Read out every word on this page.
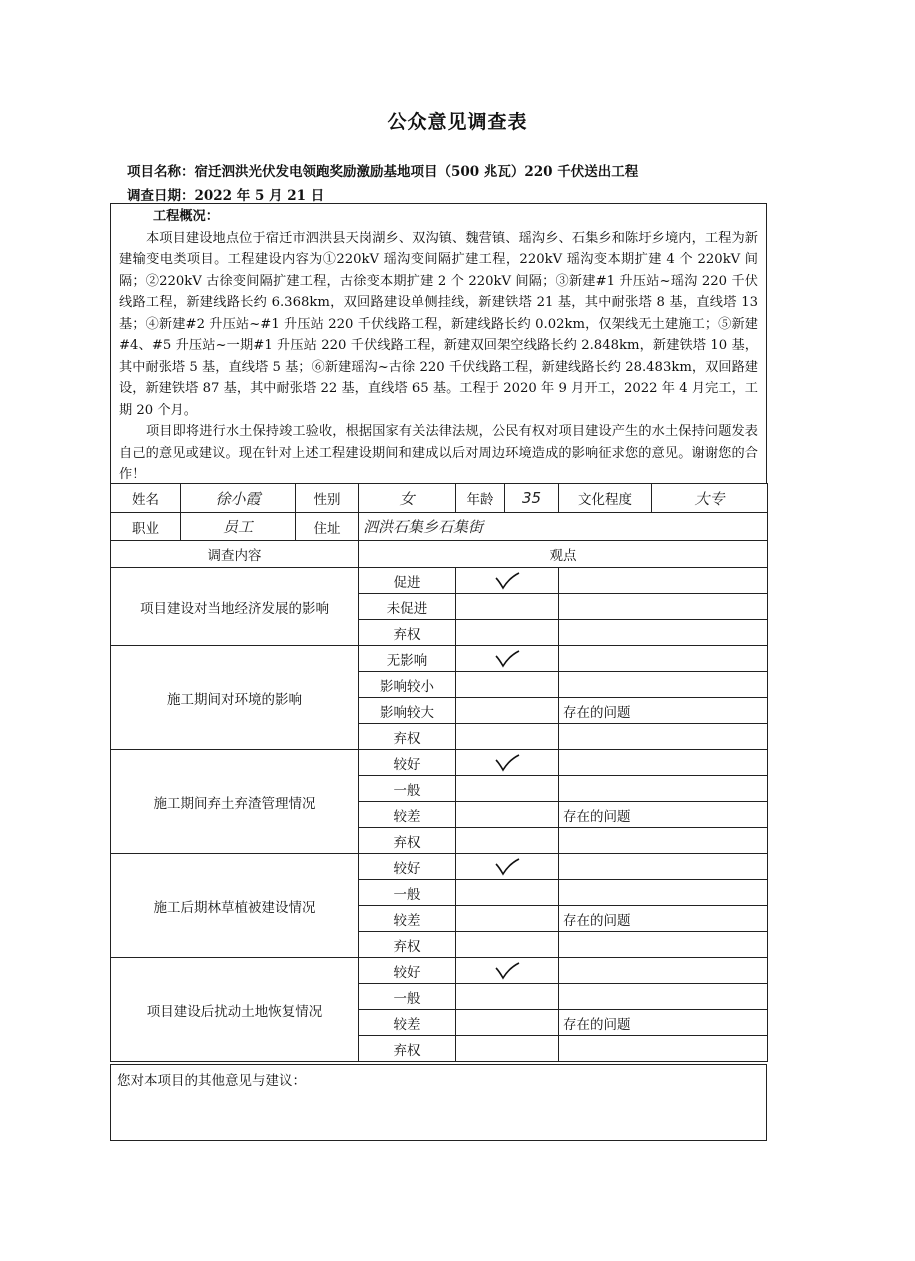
公众意见调查表
项目名称：宿迁泗洪光伏发电领跑奖励激励基地项目（500 兆瓦）220 千伏送出工程
调查日期：2022 年 5 月 21 日
工程概况：

本项目建设地点位于宿迁市泗洪县天岗湖乡、双沟镇、魏营镇、瑶沟乡、石集乡和陈圩乡境内，工程为新建输变电类项目。工程建设内容为①220kV 瑶沟变间隔扩建工程，220kV 瑶沟变本期扩建 4 个 220kV 间隔；②220kV 古徐变间隔扩建工程，古徐变本期扩建 2 个 220kV 间隔；③新建#1 升压站~瑶沟 220 千伏线路工程，新建线路长约 6.368km，双回路建设单侧挂线，新建铁塔 21 基，其中耐张塔 8 基，直线塔 13 基；④新建#2 升压站~#1 升压站 220 千伏线路工程，新建线路长约 0.02km，仅架线无土建施工；⑤新建#4、#5 升压站~一期#1 升压站 220 千伏线路工程，新建双回架空线路长约 2.848km，新建铁塔 10 基，其中耐张塔 5 基，直线塔 5 基；⑥新建瑶沟~古徐 220 千伏线路工程，新建线路长约 28.483km，双回路建设，新建铁塔 87 基，其中耐张塔 22 基，直线塔 65 基。工程于 2020 年 9 月开工，2022 年 4 月完工，工期 20 个月。

项目即将进行水土保持竣工验收，根据国家有关法律法规，公民有权对项目建设产生的水土保持问题发表自己的意见或建议。现在针对上述工程建设期间和建成以后对周边环境造成的影响征求您的意见。谢谢您的合作！

姓名	徐小霞	性别	女	年龄	35	文化程度	大专
职业	员工	住址	泗洪石集乡石集街				
调查内容			观点				
项目建设对当地经济发展的影响			促进		
			未促进				
			弃权				
施工期间对环境的影响			无影响		
			影响较小				
			影响较大			存在的问题	
			弃权				
施工期间弃土弃渣管理情况			较好		
			一般				
			较差			存在的问题	
			弃权				
施工后期林草植被建设情况			较好		
			一般				
			较差			存在的问题	
			弃权				
项目建设后扰动土地恢复情况			较好		
			一般				
			较差			存在的问题	
			弃权				
您对本项目的其他意见与建议：
